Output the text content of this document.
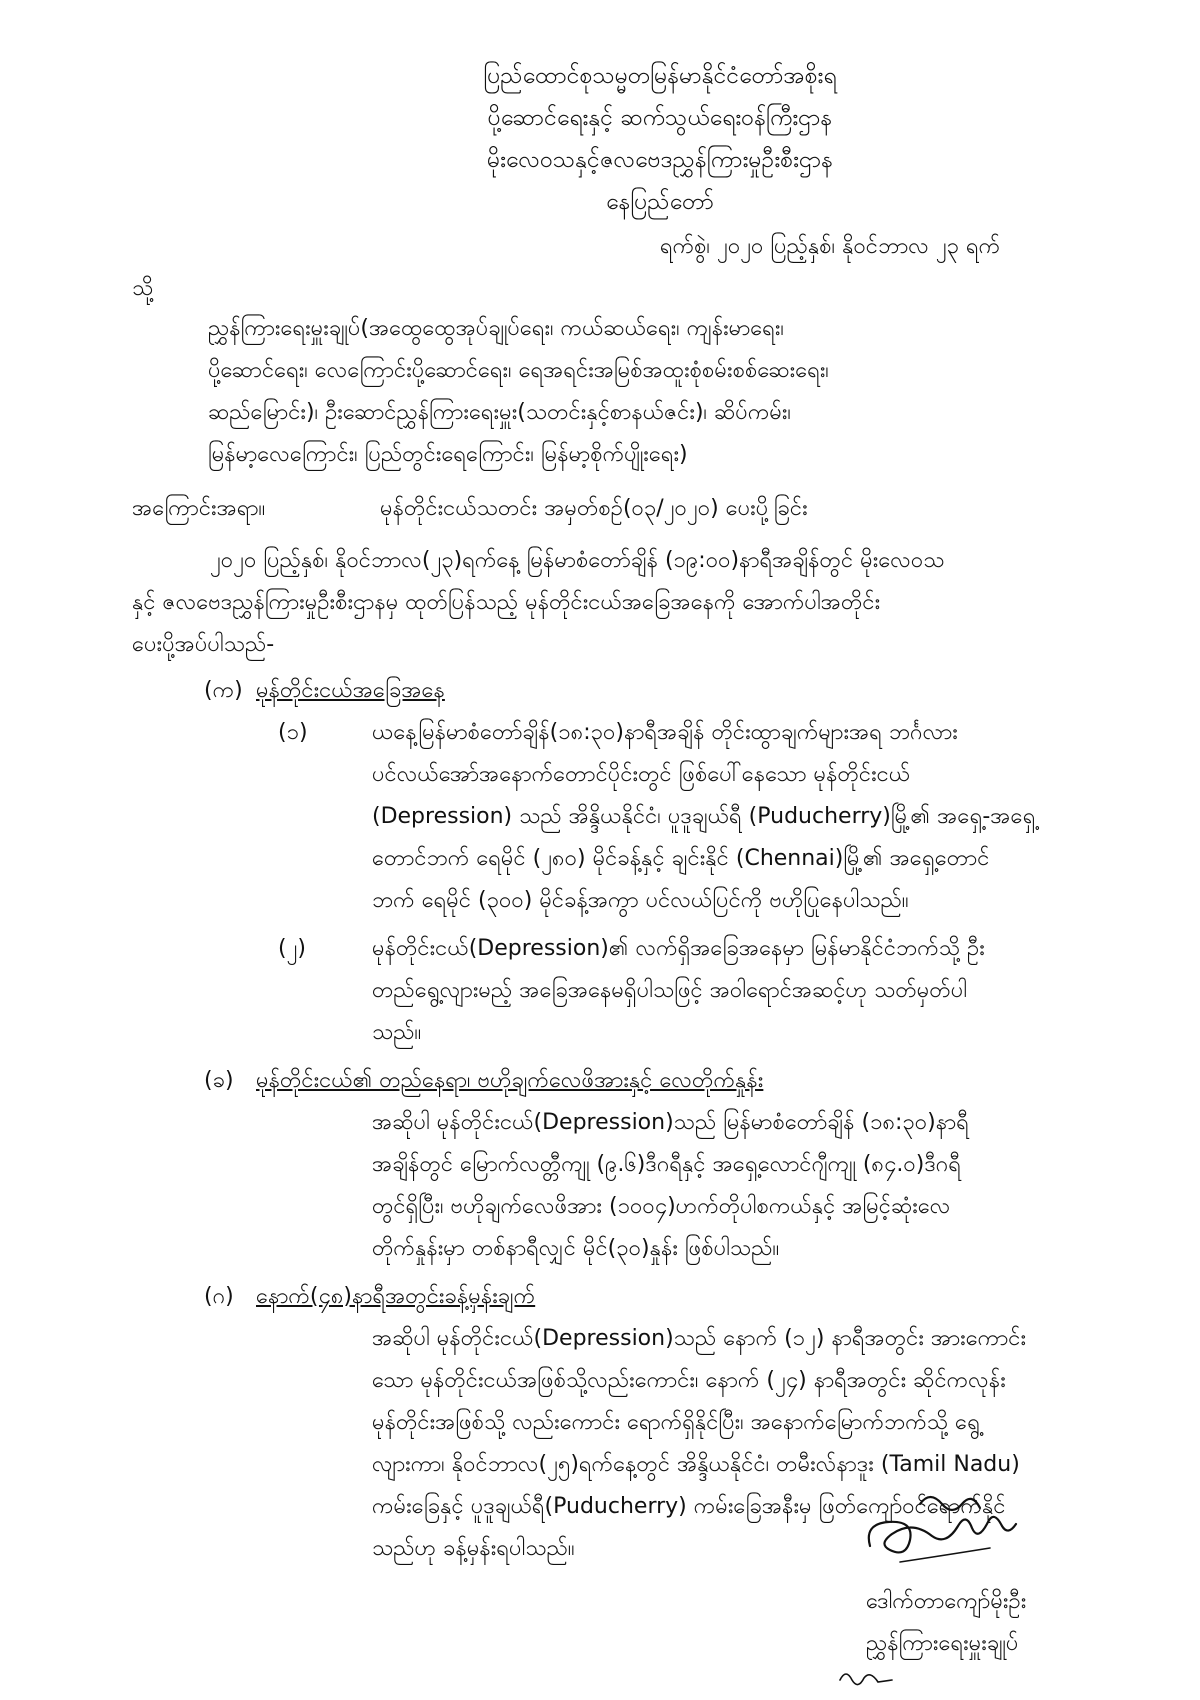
ပြည်ထောင်စုသမ္မတမြန်မာနိုင်ငံတော်အစိုးရ
ပို့ဆောင်ရေးနှင့် ဆက်သွယ်ရေးဝန်ကြီးဌာန
မိုးလေဝသနှင့်ဇလဗေဒညွှန်ကြားမှုဦးစီးဌာန
နေပြည်တော်
ရက်စွဲ၊ ၂၀၂၀ ပြည့်နှစ်၊ နိုဝင်ဘာလ ၂၃ ရက်
သို့
ညွှန်ကြားရေးမှူးချုပ်(အထွေထွေအုပ်ချုပ်ရေး၊ ကယ်ဆယ်ရေး၊ ကျန်းမာရေး၊
ပို့ဆောင်ရေး၊ လေကြောင်းပို့ဆောင်ရေး၊ ရေအရင်းအမြစ်အထူးစုံစမ်းစစ်ဆေးရေး၊
ဆည်မြောင်း)၊ ဦးဆောင်ညွှန်ကြားရေးမှူး(သတင်းနှင့်စာနယ်ဇင်း)၊ ဆိပ်ကမ်း၊
မြန်မာ့လေကြောင်း၊ ပြည်တွင်းရေကြောင်း၊ မြန်မာ့စိုက်ပျိုးရေး)
အကြောင်းအရာ။	မုန်တိုင်းငယ်သတင်း အမှတ်စဉ်(၀၃/၂၀၂၀) ပေးပို့ခြင်း
၂၀၂၀ ပြည့်နှစ်၊ နိုဝင်ဘာလ(၂၃)ရက်နေ့ မြန်မာစံတော်ချိန် (၁၉:၀၀)နာရီအချိန်တွင် မိုးလေဝသ
နှင့် ဇလဗေဒညွှန်ကြားမှုဦးစီးဌာနမှ ထုတ်ပြန်သည့် မုန်တိုင်းငယ်အခြေအနေကို အောက်ပါအတိုင်း
ပေးပို့အပ်ပါသည်-
(က) မုန်တိုင်းငယ်အခြေအနေ
(၁)	ယနေ့မြန်မာစံတော်ချိန်(၁၈:၃၀)နာရီအချိန် တိုင်းထွာချက်များအရ ဘင်္ဂလား
ပင်လယ်အော်အနောက်တောင်ပိုင်းတွင် ဖြစ်ပေါ်နေသော မုန်တိုင်းငယ်
(Depression) သည် အိန္ဒိယနိုင်ငံ၊ ပူဒူချယ်ရီ (Puducherry)မြို့၏ အရှေ့-အရှေ့
တောင်ဘက် ရေမိုင် (၂၈၀) မိုင်ခန့်နှင့် ချင်းနိုင် (Chennai)မြို့၏ အရှေ့တောင်
ဘက် ရေမိုင် (၃၀၀) မိုင်ခန့်အကွာ ပင်လယ်ပြင်ကို ဗဟိုပြုနေပါသည်။
(၂)	မုန်တိုင်းငယ်(Depression)၏ လက်ရှိအခြေအနေမှာ မြန်မာနိုင်ငံဘက်သို့ ဦး
တည်ရွေ့လျားမည့် အခြေအနေမရှိပါသဖြင့် အဝါရောင်အဆင့်ဟု သတ်မှတ်ပါ
သည်။
(ခ) မုန်တိုင်းငယ်၏ တည်နေရာ၊ ဗဟိုချက်လေဖိအားနှင့် လေတိုက်နှုန်း
အဆိုပါ မုန်တိုင်းငယ်(Depression)သည် မြန်မာစံတော်ချိန် (၁၈:၃၀)နာရီ
အချိန်တွင် မြောက်လတ္တီကျု (၉.၆)ဒီဂရီနှင့် အရှေ့လောင်ဂျီကျု (၈၄.၀)ဒီဂရီ
တွင်ရှိပြီး၊ ဗဟိုချက်လေဖိအား (၁၀၀၄)ဟက်တိုပါစကယ်နှင့် အမြင့်ဆုံးလေ
တိုက်နှုန်းမှာ တစ်နာရီလျှင် မိုင်(၃၀)နှုန်း ဖြစ်ပါသည်။
(ဂ) နောက်(၄၈)နာရီအတွင်းခန့်မှန်းချက်
အဆိုပါ မုန်တိုင်းငယ်(Depression)သည် နောက် (၁၂) နာရီအတွင်း အားကောင်း
သော မုန်တိုင်းငယ်အဖြစ်သို့လည်းကောင်း၊ နောက် (၂၄) နာရီအတွင်း ဆိုင်ကလုန်း
မုန်တိုင်းအဖြစ်သို့ လည်းကောင်း ရောက်ရှိနိုင်ပြီး၊ အနောက်မြောက်ဘက်သို့ ရွေ့
လျားကာ၊ နိုဝင်ဘာလ(၂၅)ရက်နေ့တွင် အိန္ဒိယနိုင်ငံ၊ တမီးလ်နာဒူး (Tamil Nadu)
ကမ်းခြေနှင့် ပူဒူချယ်ရီ(Puducherry) ကမ်းခြေအနီးမှ ဖြတ်ကျော်ဝင်ရောက်နိုင်
သည်ဟု ခန့်မှန်းရပါသည်။
ဒေါက်တာကျော်မိုးဦး
ညွှန်ကြားရေးမှူးချုပ်
